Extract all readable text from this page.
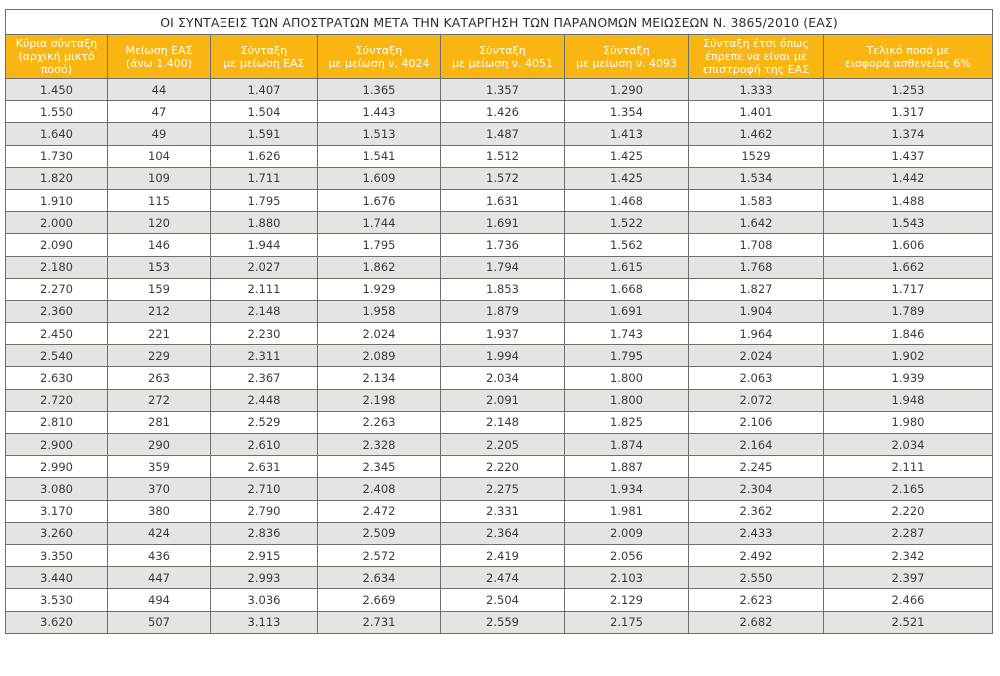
ΟΙ ΣΥΝΤΑΞΕΙΣ ΤΩΝ ΑΠΟΣΤΡΑΤΩΝ ΜΕΤΑ ΤΗΝ ΚΑΤΑΡΓΗΣΗ ΤΩΝ ΠΑΡΑΝΟΜΩΝ ΜΕΙΩΣΕΩΝ Ν. 3865/2010 (ΕΑΣ)							

Κύρια σύνταξη
(αρχική μικτό
ποσό)	Μείωση ΕΑΣ
(άνω 1.400)	Σύνταξη
με μείωση ΕΑΣ	Σύνταξη
με μείωση ν. 4024	Σύνταξη
με μείωση ν. 4051	Σύνταξη
με μείωση ν. 4093	Σύνταξη έτσι όπως
έπρεπε να είναι με
επιστροφή της ΕΑΣ	Τελικό ποσό με
εισφορά ασθενείας 6%

1.450	44	1.407	1.365	1.357	1.290	1.333	1.253
1.550	47	1.504	1.443	1.426	1.354	1.401	1.317
1.640	49	1.591	1.513	1.487	1.413	1.462	1.374
1.730	104	1.626	1.541	1.512	1.425	1529	1.437
1.820	109	1.711	1.609	1.572	1.425	1.534	1.442
1.910	115	1.795	1.676	1.631	1.468	1.583	1.488
2.000	120	1.880	1.744	1.691	1.522	1.642	1.543
2.090	146	1.944	1.795	1.736	1.562	1.708	1.606
2.180	153	2.027	1.862	1.794	1.615	1.768	1.662
2.270	159	2.111	1.929	1.853	1.668	1.827	1.717
2.360	212	2.148	1.958	1.879	1.691	1.904	1.789
2.450	221	2.230	2.024	1.937	1.743	1.964	1.846
2.540	229	2.311	2.089	1.994	1.795	2.024	1.902
2.630	263	2.367	2.134	2.034	1.800	2.063	1.939
2.720	272	2.448	2.198	2.091	1.800	2.072	1.948
2.810	281	2.529	2.263	2.148	1.825	2.106	1.980
2.900	290	2.610	2.328	2.205	1.874	2.164	2.034
2.990	359	2.631	2.345	2.220	1.887	2.245	2.111
3.080	370	2.710	2.408	2.275	1.934	2.304	2.165
3.170	380	2.790	2.472	2.331	1.981	2.362	2.220
3.260	424	2.836	2.509	2.364	2.009	2.433	2.287
3.350	436	2.915	2.572	2.419	2.056	2.492	2.342
3.440	447	2.993	2.634	2.474	2.103	2.550	2.397
3.530	494	3.036	2.669	2.504	2.129	2.623	2.466
3.620	507	3.113	2.731	2.559	2.175	2.682	2.521
